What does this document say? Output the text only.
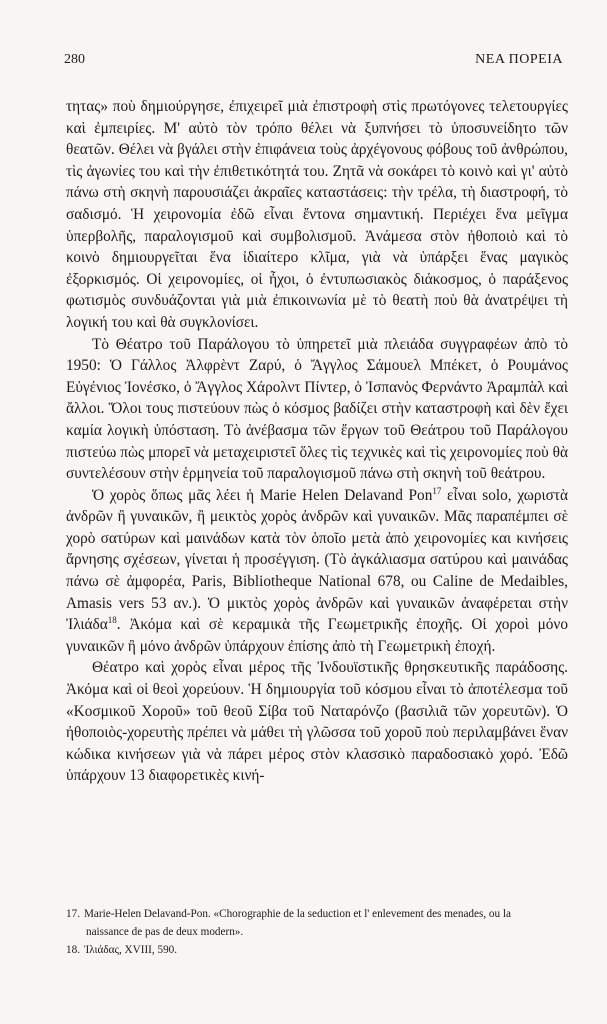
280	ΝΕΑ ΠΟΡΕΙΑ

τητας» ποὺ δημιούργησε, ἐπιχειρεῖ μιὰ ἐπιστροφὴ στὶς πρωτόγονες τελετουργίες καὶ ἐμπειρίες. Μ' αὐτὸ τὸν τρόπο θέλει νὰ ξυπνήσει τὸ ὑποσυνείδητο τῶν θεατῶν. Θέλει νὰ βγάλει στὴν ἐπιφάνεια τοὺς ἀρχέγονους φόβους τοῦ ἀνθρώπου, τὶς ἀγωνίες του καὶ τὴν ἐπιθετικότητά του. Ζητᾶ νὰ σοκάρει τὸ κοινὸ καὶ γι' αὐτὸ πάνω στὴ σκηνὴ παρουσιάζει ἀκραῖες καταστάσεις: τὴν τρέλα, τὴ διαστροφή, τὸ σαδισμό. Ἡ χειρονομία ἐδῶ εἶναι ἔντονα σημαντική. Περιέχει ἕνα μεῖγμα ὑπερβολῆς, παραλογισμοῦ καὶ συμβολισμοῦ. Ἀνάμεσα στὸν ἠθοποιὸ καὶ τὸ κοινὸ δημιουργεῖται ἕνα ἰδιαίτερο κλῖμα, γιὰ νὰ ὑπάρξει ἕνας μαγικὸς ἐξορκισμός. Οἱ χειρονομίες, οἱ ἦχοι, ὁ ἐντυπωσιακὸς διάκοσμος, ὁ παράξενος φωτισμὸς συνδυάζονται γιὰ μιὰ ἐπικοινωνία μὲ τὸ θεατὴ ποὺ θὰ ἀνατρέψει τὴ λογική του καὶ θὰ συγκλονίσει.

Τὸ Θέατρο τοῦ Παράλογου τὸ ὑπηρετεῖ μιὰ πλειάδα συγγραφέων ἀπὸ τὸ 1950: Ὁ Γάλλος Ἀλφρὲντ Ζαρύ, ὁ Ἄγγλος Σάμουελ Μπέκετ, ὁ Ρουμάνος Εὐγένιος Ἰονέσκο, ὁ Ἄγγλος Χάρολντ Πίντερ, ὁ Ἰσπανὸς Φερνάντο Ἀραμπὰλ καὶ ἄλλοι. Ὅλοι τους πιστεύουν πὼς ὁ κόσμος βαδίζει στὴν καταστροφὴ καὶ δὲν ἔχει καμία λογικὴ ὑπόσταση. Τὸ ἀνέβασμα τῶν ἔργων τοῦ Θεάτρου τοῦ Παράλογου πιστεύω πὼς μπορεῖ νὰ μεταχειριστεῖ ὅλες τὶς τεχνικὲς καὶ τὶς χειρονομίες ποὺ θὰ συντελέσουν στὴν ἑρμηνεία τοῦ παραλογισμοῦ πάνω στὴ σκηνὴ τοῦ θεάτρου.

Ὁ χορὸς ὅπως μᾶς λέει ἡ Marie Helen Delavand Pon$^{17}$ εἶναι solo, χωριστὰ ἀνδρῶν ἢ γυναικῶν, ἢ μεικτὸς χορὸς ἀνδρῶν καὶ γυναικῶν. Μᾶς παραπέμπει σὲ χορὸ σατύρων καὶ μαινάδων κατὰ τὸν ὁποῖο μετὰ ἀπὸ χειρονομίες και κινήσεις ἄρνησης σχέσεων, γίνεται ἡ προσέγγιση. (Τὸ ἀγκάλιασμα σατύρου καὶ μαινάδας πάνω σὲ ἀμφορέα, Paris, Bibliotheque National 678, ou Caline de Medaibles, Amasis vers 53 αν.). Ὁ μικτὸς χορὸς ἀνδρῶν καὶ γυναικῶν ἀναφέρεται στὴν Ἰλιάδα$^{18}$. Ἀκόμα καὶ σὲ κεραμικὰ τῆς Γεωμετρικῆς ἐποχῆς. Οἱ χοροὶ μόνο γυναικῶν ἢ μόνο ἀνδρῶν ὑπάρχουν ἐπίσης ἀπὸ τὴ Γεωμετρικὴ ἐποχή.

Θέατρο καὶ χορὸς εἶναι μέρος τῆς Ἰνδουϊστικῆς θρησκευτικῆς παράδοσης. Ἀκόμα καὶ οἱ θεοὶ χορεύουν. Ἡ δημιουργία τοῦ κόσμου εἶναι τὸ ἀποτέλεσμα τοῦ «Κοσμικοῦ Χοροῦ» τοῦ θεοῦ Σίβα τοῦ Ναταρόνζο (βασιλιᾶ τῶν χορευτῶν). Ὁ ἠθοποιὸς-χορευτὴς πρέπει νὰ μάθει τὴ γλῶσσα τοῦ χοροῦ ποὺ περιλαμβάνει ἕναν κώδικα κινήσεων γιὰ νὰ πάρει μέρος στὸν κλασσικὸ παραδοσιακὸ χορό. Ἐδῶ ὑπάρχουν 13 διαφορετικὲς κινή-

17. Marie-Helen Delavand-Pon. «Chorographie de la seduction et l' enlevement des menades, ou la
naissance de pas de deux modern».

18. Ἰλιάδας, XVIII, 590.
